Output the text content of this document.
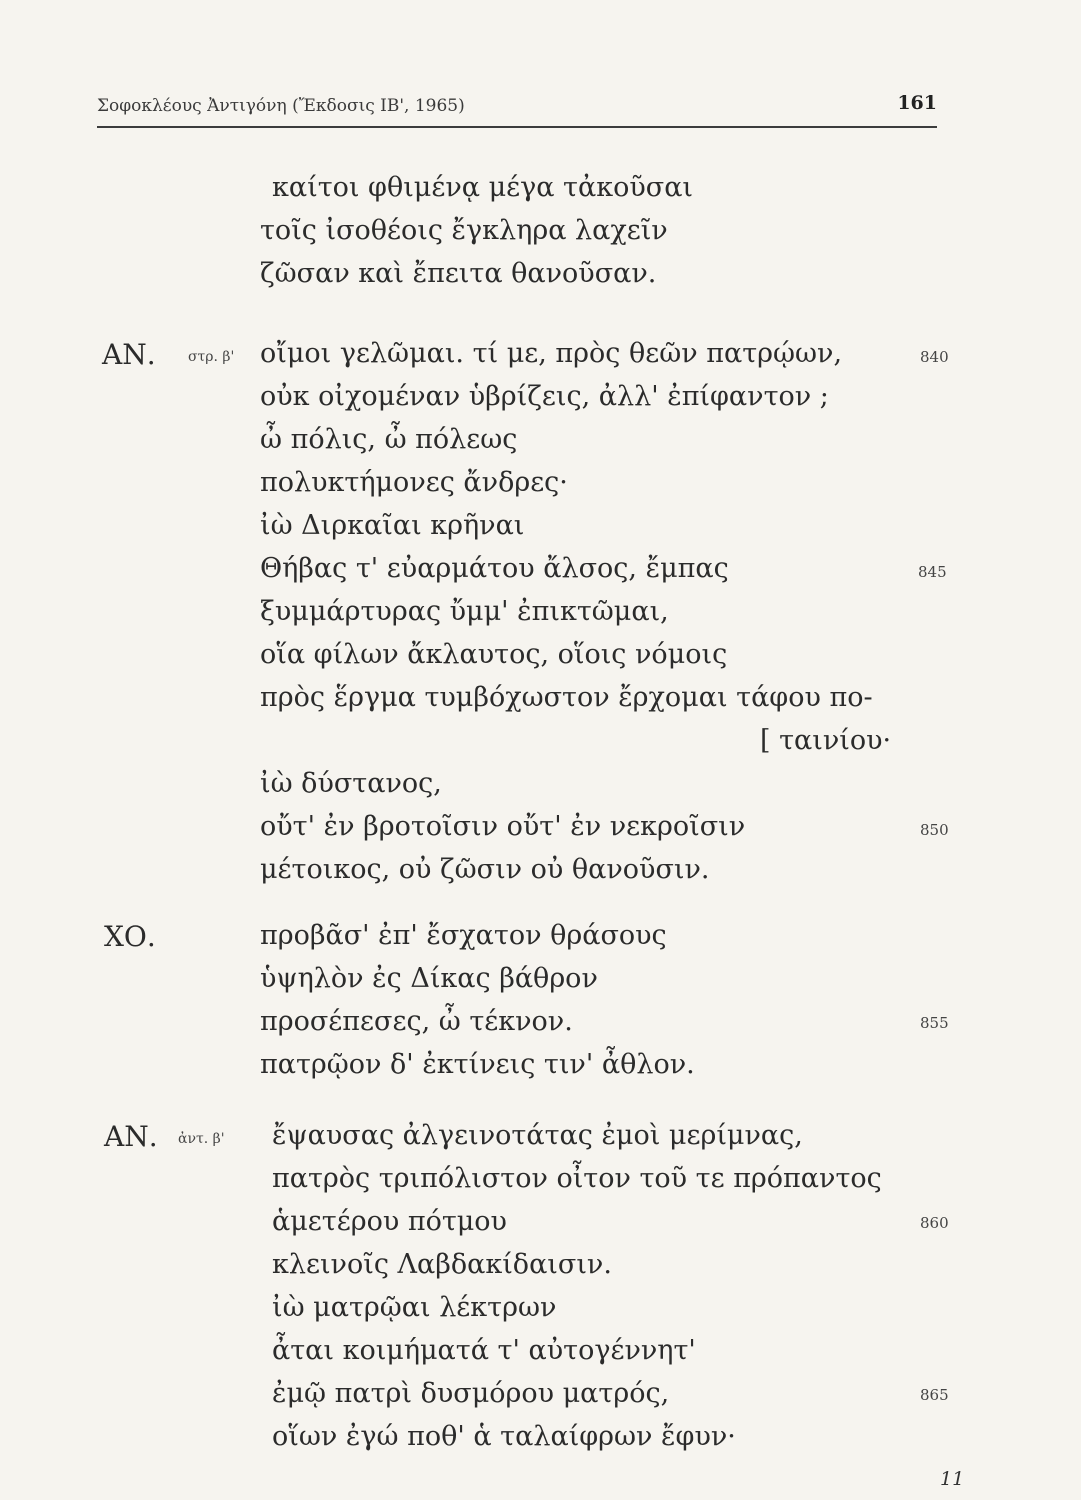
Σοφοκλέους Ἀντιγόνη (Ἔκδοσις ΙΒ', 1965)	161
καίτοι φθιμένᾳ μέγα τἀκοῦσαι
τοῖς ἰσοθέοις ἔγκληρα λαχεῖν
ζῶσαν καὶ ἔπειτα θανοῦσαν.
ΑΝ. στρ. β' οἴμοι γελῶμαι. τί με, πρὸς θεῶν πατρῴων,	840
οὐκ οἰχομέναν ὑβρίζεις, ἀλλ' ἐπίφαντον ;
ὦ πόλις, ὦ πόλεως
πολυκτήμονες ἄνδρες·
ἰὼ Διρκαῖαι κρῆναι
Θήβας τ' εὐαρμάτου ἄλσος, ἔμπας	845
ξυμμάρτυρας ὔμμ' ἐπικτῶμαι,
οἵα φίλων ἄκλαυτος, οἵοις νόμοις
πρὸς ἕργμα τυμβόχωστον ἔρχομαι τάφου πο-
[ ταινίου·
ἰὼ δύστανος,
οὔτ' ἐν βροτοῖσιν οὔτ' ἐν νεκροῖσιν	850
μέτοικος, οὐ ζῶσιν οὐ θανοῦσιν.
ΧΟ.	προβᾶσ' ἐπ' ἔσχατον θράσους
ὑψηλὸν ἐς Δίκας βάθρον
προσέπεσες, ὦ τέκνον.	855
πατρῷον δ' ἐκτίνεις τιν' ἆθλον.
ΑΝ. ἀντ. β' ἔψαυσας ἀλγεινοτάτας ἐμοὶ μερίμνας,
πατρὸς τριπόλιστον οἶτον τοῦ τε πρόπαντος
ἁμετέρου πότμου	860
κλεινοῖς Λαβδακίδαισιν.
ἰὼ ματρῷαι λέκτρων
ἆται κοιμήματά τ' αὐτογέννητ'
ἐμῷ πατρὶ δυσμόρου ματρός,	865
οἵων ἐγώ ποθ' ἁ ταλαίφρων ἔφυν·
11
